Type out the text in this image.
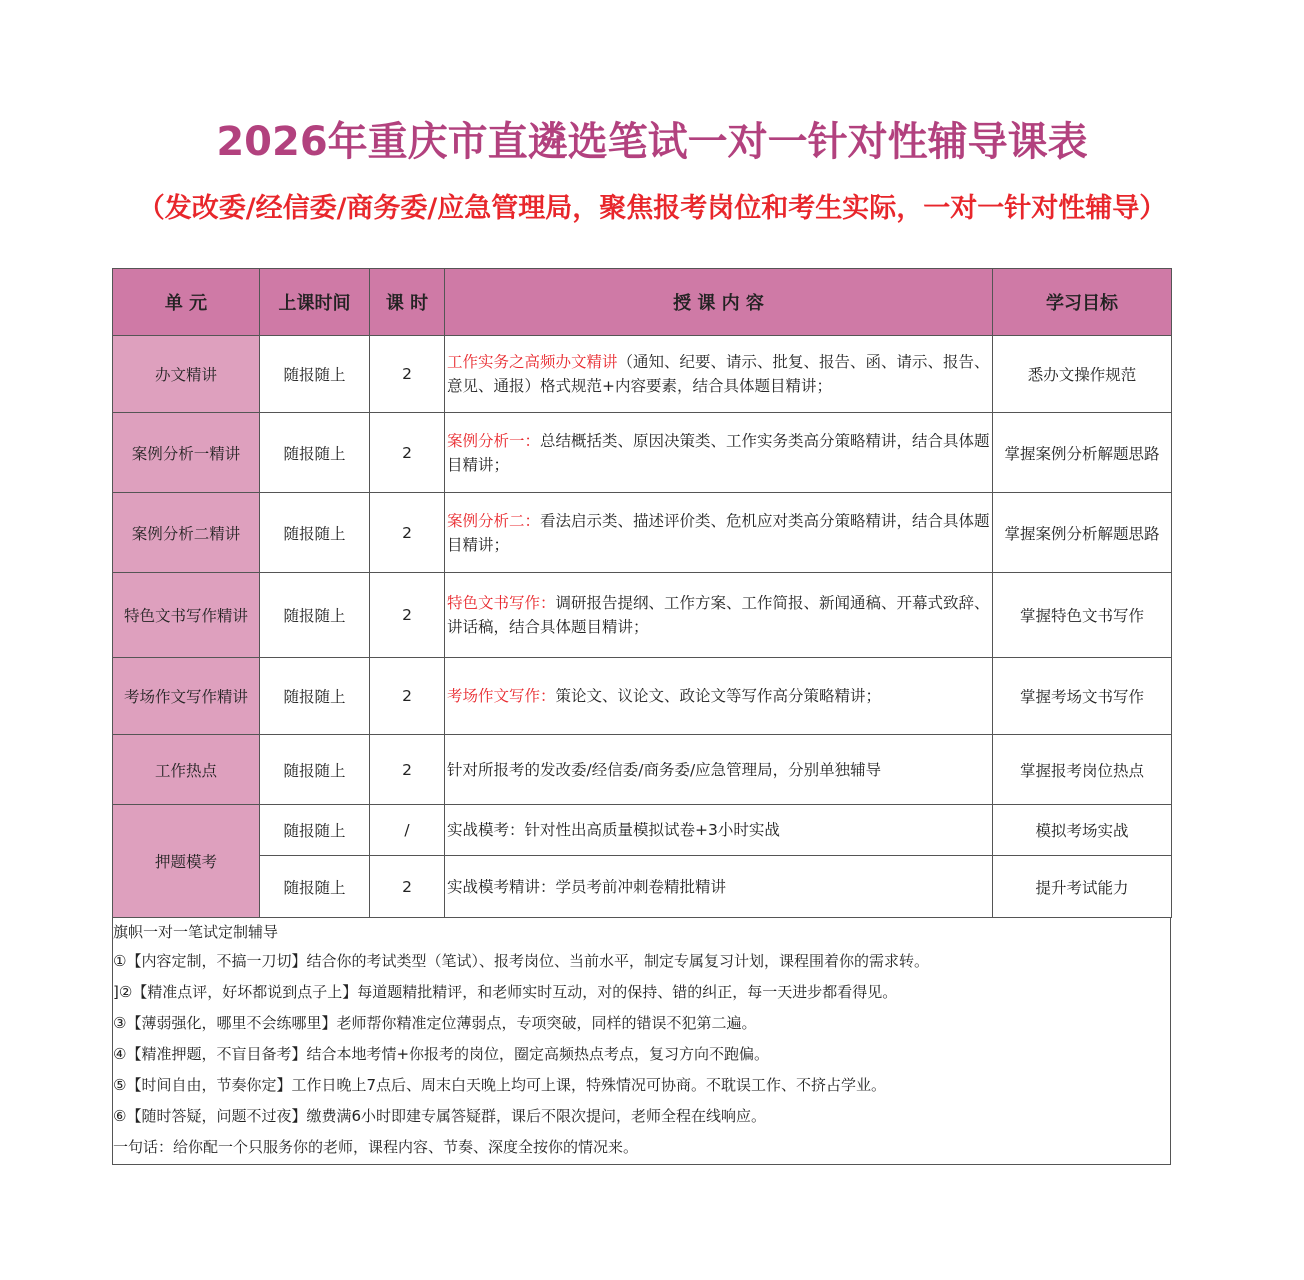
2026年重庆市直遴选笔试一对一针对性辅导课表
（发改委/经信委/商务委/应急管理局，聚焦报考岗位和考生实际，一对一针对性辅导）
单 元	上课时间	课 时	授 课 内 容	学习目标
办文精讲	随报随上	2	工作实务之高频办文精讲（通知、纪要、请示、批复、报告、函、请示、报告、意见、通报）格式规范+内容要素，结合具体题目精讲；	悉办文操作规范
案例分析一精讲	随报随上	2	案例分析一：总结概括类、原因决策类、工作实务类高分策略精讲，结合具体题目精讲；	掌握案例分析解题思路
案例分析二精讲	随报随上	2	案例分析二：看法启示类、描述评价类、危机应对类高分策略精讲，结合具体题目精讲；	掌握案例分析解题思路
特色文书写作精讲	随报随上	2	特色文书写作：调研报告提纲、工作方案、工作简报、新闻通稿、开幕式致辞、讲话稿，结合具体题目精讲；	掌握特色文书写作
考场作文写作精讲	随报随上	2	考场作文写作：策论文、议论文、政论文等写作高分策略精讲；	掌握考场文书写作
工作热点	随报随上	2	针对所报考的发改委/经信委/商务委/应急管理局，分别单独辅导	掌握报考岗位热点
押题模考	随报随上	/	实战模考：针对性出高质量模拟试卷+3小时实战	模拟考场实战
	随报随上	2	实战模考精讲：学员考前冲刺卷精批精讲	提升考试能力
旗帜一对一笔试定制辅导
①【内容定制，不搞一刀切】结合你的考试类型（笔试）、报考岗位、当前水平，制定专属复习计划，课程围着你的需求转。
]②【精准点评，好坏都说到点子上】每道题精批精评，和老师实时互动，对的保持、错的纠正，每一天进步都看得见。
③【薄弱强化，哪里不会练哪里】老师帮你精准定位薄弱点，专项突破，同样的错误不犯第二遍。
④【精准押题，不盲目备考】结合本地考情+你报考的岗位，圈定高频热点考点，复习方向不跑偏。
⑤【时间自由，节奏你定】工作日晚上7点后、周末白天晚上均可上课，特殊情况可协商。不耽误工作、不挤占学业。
⑥【随时答疑，问题不过夜】缴费满6小时即建专属答疑群，课后不限次提问，老师全程在线响应。
一句话：给你配一个只服务你的老师，课程内容、节奏、深度全按你的情况来。
